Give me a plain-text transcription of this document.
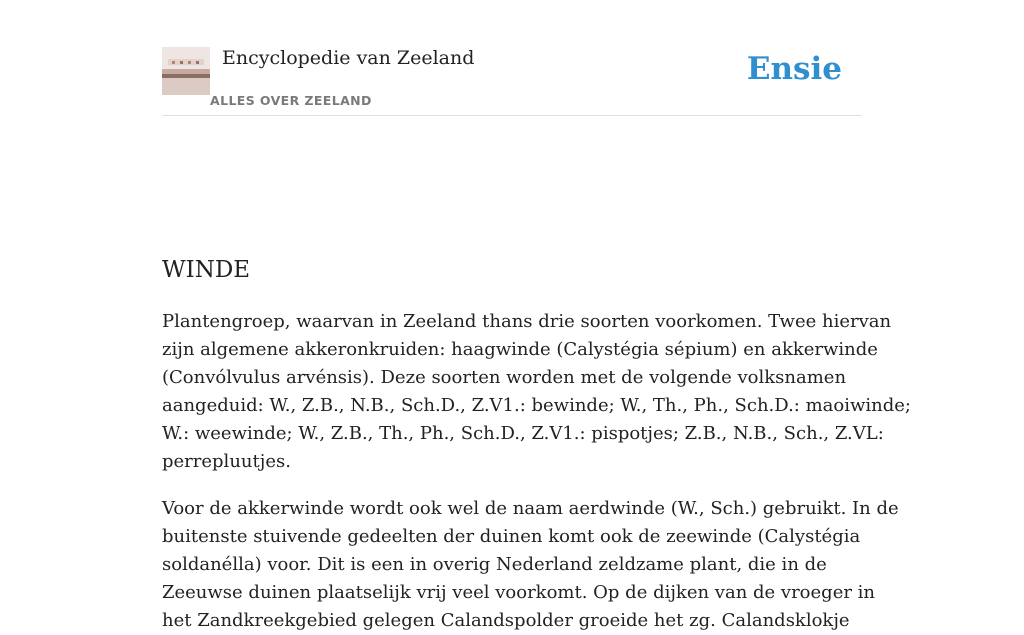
Encyclopedie van Zeeland
ALLES OVER ZEELAND
Ensie
WINDE

Plantengroep, waarvan in Zeeland thans drie soorten voorkomen. Twee hiervan
zijn algemene akkeronkruiden: haagwinde (Calystégia sépium) en akkerwinde
(Convólvulus arvénsis). Deze soorten worden met de volgende volksnamen
aangeduid: W., Z.B., N.B., Sch.D., Z.V1.: bewinde; W., Th., Ph., Sch.D.: maoiwinde;
W.: weewinde; W., Z.B., Th., Ph., Sch.D., Z.V1.: pispotjes; Z.B., N.B., Sch., Z.VL:
perrepluutjes.

Voor de akkerwinde wordt ook wel de naam aerdwinde (W., Sch.) gebruikt. In de
buitenste stuivende gedeelten der duinen komt ook de zeewinde (Calystégia
soldanélla) voor. Dit is een in overig Nederland zeldzame plant, die in de
Zeeuwse duinen plaatselijk vrij veel voorkomt. Op de dijken van de vroeger in
het Zandkreekgebied gelegen Calandspolder groeide het zg. Calandsklokje
